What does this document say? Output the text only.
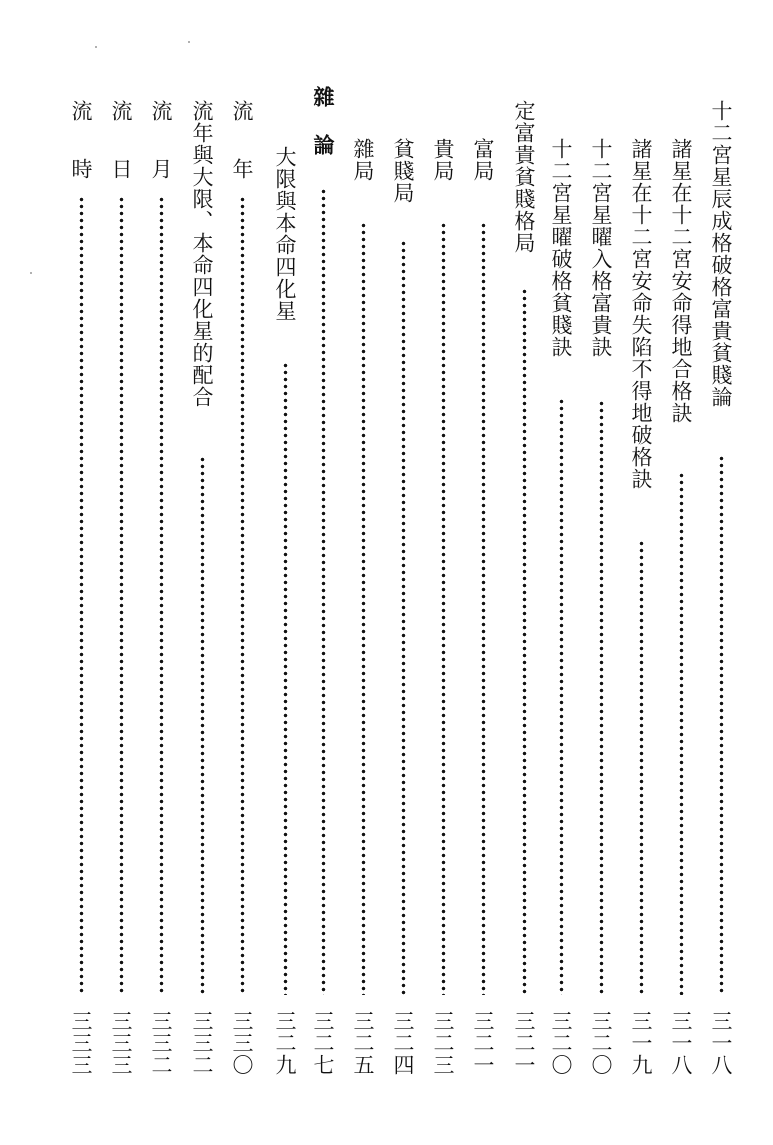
十二宮星辰成格破格富貴貧賤論
三一八
諸星在十二宮安命得地合格訣
三一八
諸星在十二宮安命失陷不得地破格訣
三一九
十二宮星曜入格富貴訣
三二〇
十二宮星曜破格貧賤訣
三二〇
定富貴貧賤格局
三二一
富局
三二一
貴局
三二三
貧賤局
三二四
雜局
三二五
雜　論
三二七
大限與本命四化星
三二九
流　年
三三〇
流年與大限、本命四化星的配合
三三二
流　月
三三二
流　日
三三三
流　時
三三三
